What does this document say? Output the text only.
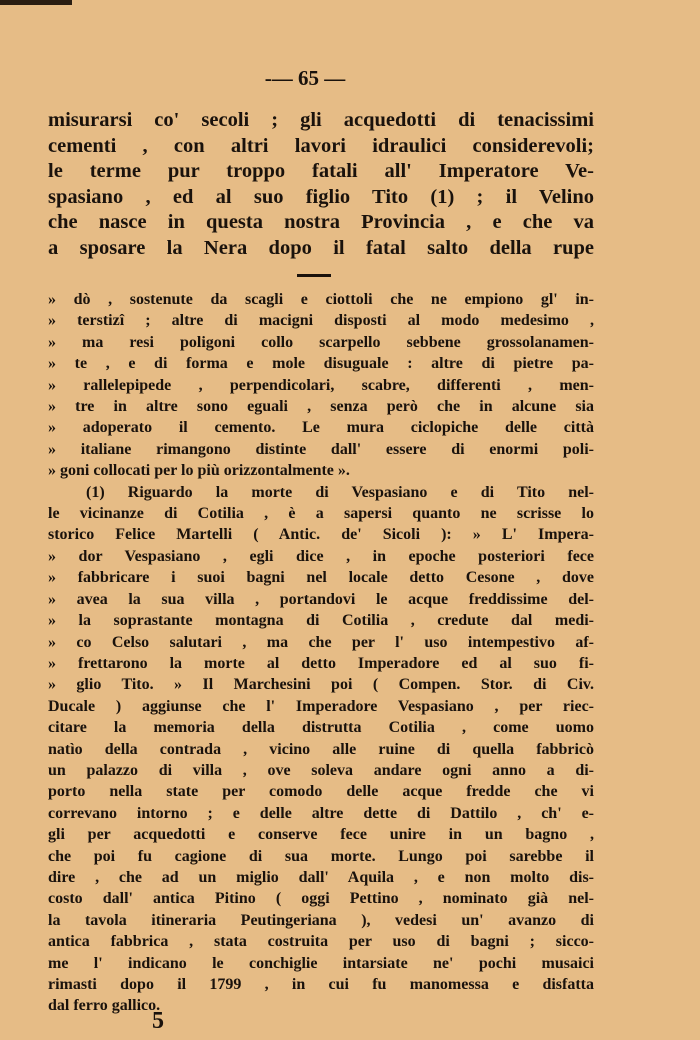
-— 65 —
misurarsi co' secoli ; gli acquedotti di tenacissimi
cementi , con altri lavori idraulici considerevoli;
le terme pur troppo fatali all' Imperatore Ve-
spasiano , ed al suo figlio Tito (1) ; il Velino
che nasce in questa nostra Provincia , e che va
a sposare la Nera dopo il fatal salto della rupe
» dò , sostenute da scagli e ciottoli che ne empiono gl' in-
» terstizî ; altre di macigni disposti al modo medesimo ,
» ma resi poligoni collo scarpello sebbene grossolanamen-
» te , e di forma e mole disuguale : altre di pietre pa-
» rallelepipede , perpendicolari, scabre, differenti , men-
» tre in altre sono eguali , senza però che in alcune sia
» adoperato il cemento. Le mura ciclopiche delle città
» italiane rimangono distinte dall' essere di enormi poli-
» goni collocati per lo più orizzontalmente ».
(1) Riguardo la morte di Vespasiano e di Tito nel-
le vicinanze di Cotilia , è a sapersi quanto ne scrisse lo
storico Felice Martelli ( Antic. de' Sicoli ): » L' Impera-
» dor Vespasiano , egli dice , in epoche posteriori fece
» fabbricare i suoi bagni nel locale detto Cesone , dove
» avea la sua villa , portandovi le acque freddissime del-
» la soprastante montagna di Cotilia , credute dal medi-
» co Celso salutari , ma che per l' uso intempestivo af-
» frettarono la morte al detto Imperadore ed al suo fi-
» glio Tito. » Il Marchesini poi ( Compen. Stor. di Civ.
Ducale ) aggiunse che l' Imperadore Vespasiano , per riec-
citare la memoria della distrutta Cotilia , come uomo
natìo della contrada , vicino alle ruine di quella fabbricò
un palazzo di villa , ove soleva andare ogni anno a di-
porto nella state per comodo delle acque fredde che vi
correvano intorno ; e delle altre dette di Dattilo , ch' e-
gli per acquedotti e conserve fece unire in un bagno ,
che poi fu cagione di sua morte. Lungo poi sarebbe il
dire , che ad un miglio dall' Aquila , e non molto dis-
costo dall' antica Pitino ( oggi Pettino , nominato già nel-
la tavola itineraria Peutingeriana ), vedesi un' avanzo di
antica fabbrica , stata costruita per uso di bagni ; sicco-
me l' indicano le conchiglie intarsiate ne' pochi musaici
rimasti dopo il 1799 , in cui fu manomessa e disfatta
dal ferro gallico.
5
